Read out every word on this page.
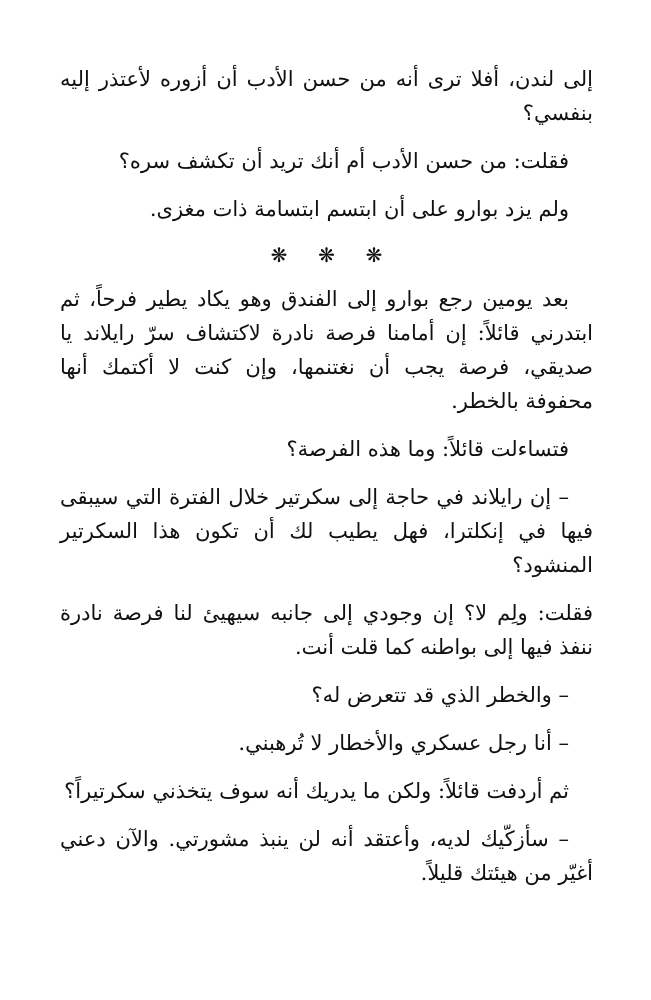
إلى لندن، أفلا ترى أنه من حسن الأدب أن أزوره لأعتذر إليه بنفسي؟

فقلت: من حسن الأدب أم أنك تريد أن تكشف سره؟

ولم يزد بوارو على أن ابتسم ابتسامة ذات مغزى.

❋ ❋ ❋

بعد يومين رجع بوارو إلى الفندق وهو يكاد يطير فرحاً، ثم ابتدرني قائلاً: إن أمامنا فرصة نادرة لاكتشاف سرّ رايلاند يا صديقي، فرصة يجب أن نغتنمها، وإن كنت لا أكتمك أنها محفوفة بالخطر.

فتساءلت قائلاً: وما هذه الفرصة؟

– إن رايلاند في حاجة إلى سكرتير خلال الفترة التي سيبقى فيها في إنكلترا، فهل يطيب لك أن تكون هذا السكرتير المنشود؟

فقلت: ولِم لا؟ إن وجودي إلى جانبه سيهيئ لنا فرصة نادرة ننفذ فيها إلى بواطنه كما قلت أنت.

– والخطر الذي قد تتعرض له؟

– أنا رجل عسكري والأخطار لا تُرهبني.

ثم أردفت قائلاً: ولكن ما يدريك أنه سوف يتخذني سكرتيراً؟

– سأزكّيك لديه، وأعتقد أنه لن ينبذ مشورتي. والآن دعني أغيّر من هيئتك قليلاً.
